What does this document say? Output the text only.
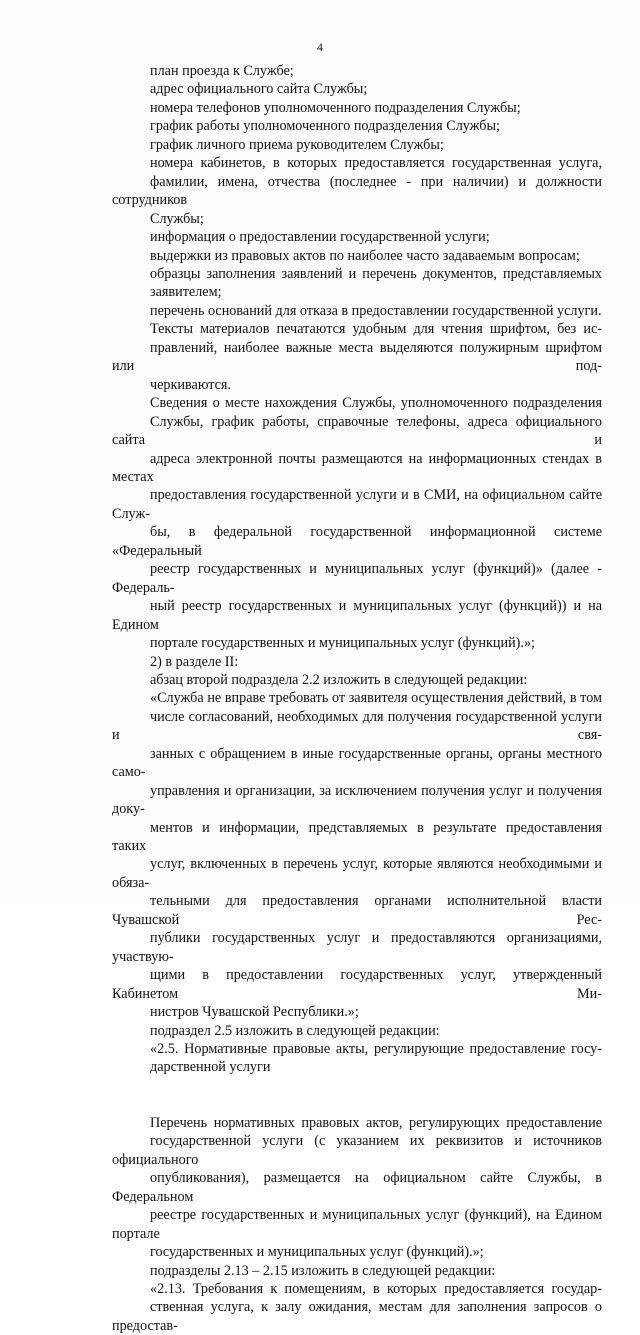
4
план проезда к Службе;
адрес официального сайта Службы;
номера телефонов уполномоченного подразделения Службы;
график работы уполномоченного подразделения Службы;
график личного приема руководителем Службы;
номера кабинетов, в которых предоставляется государственная услуга,
фамилии, имена, отчества (последнее - при наличии) и должности сотрудников
Службы;
информация о предоставлении государственной услуги;
выдержки из правовых актов по наиболее часто задаваемым вопросам;
образцы заполнения заявлений и перечень документов, представляемых
заявителем;
перечень оснований для отказа в предоставлении государственной услуги.
Тексты материалов печатаются удобным для чтения шрифтом, без ис-
правлений, наиболее важные места выделяются полужирным шрифтом или под-
черкиваются.
Сведения о месте нахождения Службы, уполномоченного подразделения
Службы, график работы, справочные телефоны, адреса официального сайта и
адреса электронной почты размещаются на информационных стендах в местах
предоставления государственной услуги и в СМИ, на официальном сайте Служ-
бы, в федеральной государственной информационной системе «Федеральный
реестр государственных и муниципальных услуг (функций)» (далее - Федераль-
ный реестр государственных и муниципальных услуг (функций)) и на Едином
портале государственных и муниципальных услуг (функций).»;
2) в разделе II:
абзац второй подраздела 2.2 изложить в следующей редакции:
«Служба не вправе требовать от заявителя осуществления действий, в том
числе согласований, необходимых для получения государственной услуги и свя-
занных с обращением в иные государственные органы, органы местного само-
управления и организации, за исключением получения услуг и получения доку-
ментов и информации, представляемых в результате предоставления таких
услуг, включенных в перечень услуг, которые являются необходимыми и обяза-
тельными для предоставления органами исполнительной власти Чувашской Рес-
публики государственных услуг и предоставляются организациями, участвую-
щими в предоставлении государственных услуг, утвержденный Кабинетом Ми-
нистров Чувашской Республики.»;
подраздел 2.5 изложить в следующей редакции:
«2.5. Нормативные правовые акты, регулирующие предоставление госу-
дарственной услуги
Перечень нормативных правовых актов, регулирующих предоставление
государственной услуги (с указанием их реквизитов и источников официального
опубликования), размещается на официальном сайте Службы, в Федеральном
реестре государственных и муниципальных услуг (функций), на Едином портале
государственных и муниципальных услуг (функций).»;
подразделы 2.13 – 2.15 изложить в следующей редакции:
«2.13. Требования к помещениям, в которых предоставляется государ-
ственная услуга, к залу ожидания, местам для заполнения запросов о предостав-
